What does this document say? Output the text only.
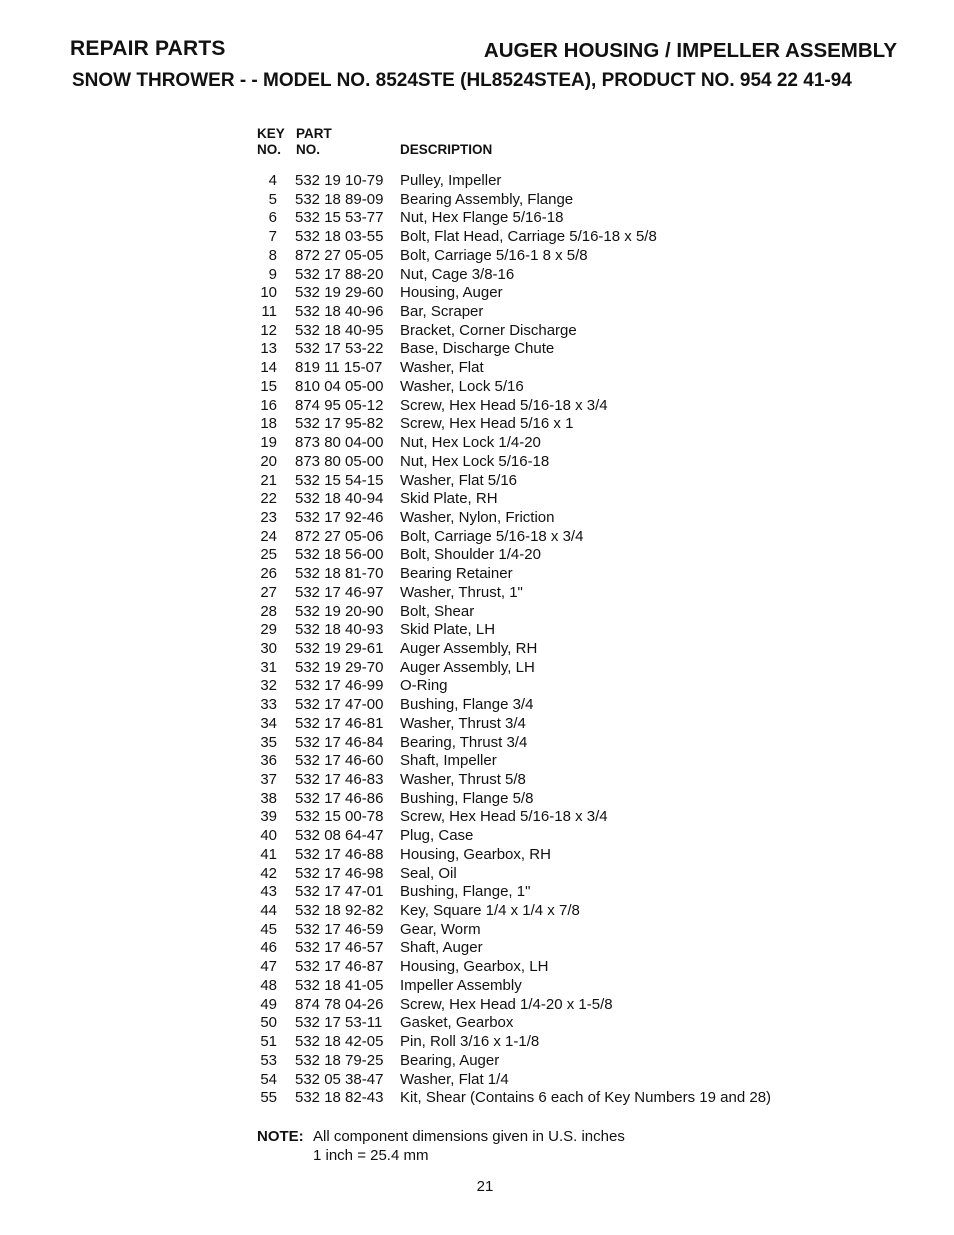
REPAIR PARTS	AUGER HOUSING / IMPELLER ASSEMBLY
SNOW THROWER - - MODEL NO. 8524STE (HL8524STEA), PRODUCT NO. 954 22 41-94
KEY
NO.
PART
NO.	DESCRIPTION
4 532 19 10-79 Pulley, Impeller
5 532 18 89-09 Bearing Assembly, Flange
6 532 15 53-77 Nut, Hex Flange 5/16-18
7 532 18 03-55 Bolt, Flat Head, Carriage 5/16-18 x 5/8
8 872 27 05-05 Bolt, Carriage 5/16-1 8 x 5/8
9 532 17 88-20 Nut, Cage 3/8-16
10 532 19 29-60 Housing, Auger
11 532 18 40-96 Bar, Scraper
12 532 18 40-95 Bracket, Corner Discharge
13 532 17 53-22 Base, Discharge Chute
14 819 11 15-07 Washer, Flat
15 810 04 05-00 Washer, Lock 5/16
16 874 95 05-12 Screw, Hex Head 5/16-18 x 3/4
18 532 17 95-82 Screw, Hex Head 5/16 x 1
19 873 80 04-00 Nut, Hex Lock 1/4-20
20 873 80 05-00 Nut, Hex Lock 5/16-18
21 532 15 54-15 Washer, Flat 5/16
22 532 18 40-94 Skid Plate, RH
23 532 17 92-46 Washer, Nylon, Friction
24 872 27 05-06 Bolt, Carriage 5/16-18 x 3/4
25 532 18 56-00 Bolt, Shoulder 1/4-20
26 532 18 81-70 Bearing Retainer
27 532 17 46-97 Washer, Thrust, 1"
28 532 19 20-90 Bolt, Shear
29 532 18 40-93 Skid Plate, LH
30 532 19 29-61 Auger Assembly, RH
31 532 19 29-70 Auger Assembly, LH
32 532 17 46-99 O-Ring
33 532 17 47-00 Bushing, Flange 3/4
34 532 17 46-81 Washer, Thrust 3/4
35 532 17 46-84 Bearing, Thrust 3/4
36 532 17 46-60 Shaft, Impeller
37 532 17 46-83 Washer, Thrust 5/8
38 532 17 46-86 Bushing, Flange 5/8
39 532 15 00-78 Screw, Hex Head 5/16-18 x 3/4
40 532 08 64-47 Plug, Case
41 532 17 46-88 Housing, Gearbox, RH
42 532 17 46-98 Seal, Oil
43 532 17 47-01 Bushing, Flange, 1"
44 532 18 92-82 Key, Square 1/4 x 1/4 x 7/8
45 532 17 46-59 Gear, Worm
46 532 17 46-57 Shaft, Auger
47 532 17 46-87 Housing, Gearbox, LH
48 532 18 41-05 Impeller Assembly
49 874 78 04-26 Screw, Hex Head 1/4-20 x 1-5/8
50 532 17 53-11 Gasket, Gearbox
51 532 18 42-05 Pin, Roll 3/16 x 1-1/8
53 532 18 79-25 Bearing, Auger
54 532 05 38-47 Washer, Flat 1/4
55 532 18 82-43 Kit, Shear (Contains 6 each of Key Numbers 19 and 28)
NOTE: All component dimensions given in U.S. inches
1 inch = 25.4 mm
21
